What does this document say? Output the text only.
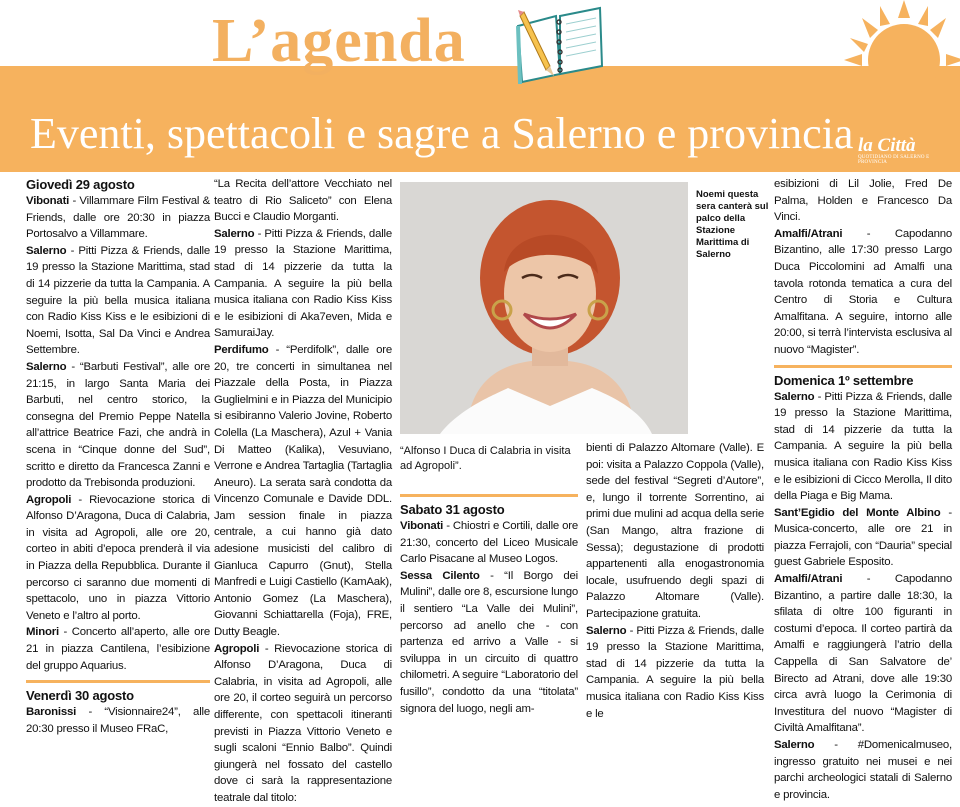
L’agenda
Eventi, spettacoli e sagre a Salerno e provincia la Città
QUOTIDIANO DI SALERNO E PROVINCIA

Giovedì 29 agosto

Vibonati - Villammare Film Festival & Friends, dalle ore 20:30 in piazza Portosalvo a Villammare.

Salerno - Pitti Pizza & Friends, dalle 19 presso la Stazione Marittima, stad di 14 pizzerie da tutta la Campania. A seguire la più bella musica italiana con Radio Kiss Kiss e le esibizioni di Noemi, Isotta, Sal Da Vinci e Andrea Settembre.

Salerno - “Barbuti Festival”, alle ore 21:15, in largo Santa Maria dei Barbuti, nel centro storico, la consegna del Premio Peppe Natella all’attrice Beatrice Fazi, che andrà in scena in “Cinque donne del Sud”, scritto e diretto da Francesca Zanni e prodotto da Trebisonda produzioni.

Agropoli - Rievocazione storica di Alfonso D’Aragona, Duca di Calabria, in visita ad Agropoli, alle ore 20, corteo in abiti d’epoca prenderà il via in Piazza della Repubblica. Durante il percorso ci saranno due momenti di spettacolo, uno in piazza Vittorio Veneto e l’altro al porto.

Minori - Concerto all’aperto, alle ore 21 in piazza Cantilena, l’esibizione del gruppo Aquarius.

Venerdì 30 agosto

Baronissi - “Visionnaire24”, alle 20:30 presso il Museo FRaC,

“La Recita dell’attore Vecchiato nel teatro di Rio Saliceto” con Elena Bucci e Claudio Morganti.

Salerno - Pitti Pizza & Friends, dalle 19 presso la Stazione Marittima, stad di 14 pizzerie da tutta la Campania. A seguire la più bella musica italiana con Radio Kiss Kiss e le esibizioni di Aka7even, Mida e SamuraiJay.

Perdifumo - “Perdifolk”, dalle ore 20, tre concerti in simultanea nel Piazzale della Posta, in Piazza Guglielmini e in Piazza del Municipio si esibiranno Valerio Jovine, Roberto Colella (La Maschera), Azul + Vania Di Matteo (Kalika), Vesuviano, Verrone e Andrea Tartaglia (Tartaglia Aneuro). La serata sarà condotta da Vincenzo Comunale e Davide DDL. Jam session finale in piazza centrale, a cui hanno già dato adesione musicisti del calibro di Gianluca Capurro (Gnut), Stella Manfredi e Luigi Castiello (KamAak), Antonio Gomez (La Maschera), Giovanni Schiattarella (Foja), FRE, Dutty Beagle.

Agropoli - Rievocazione storica di Alfonso D’Aragona, Duca di Calabria, in visita ad Agropoli, alle ore 20, il corteo seguirà un percorso differente, con spettacoli itineranti previsti in Piazza Vittorio Veneto e sugli scaloni “Ennio Balbo”. Quindi giungerà nel fossato del castello dove ci sarà la rappresentazione teatrale dal titolo:

Noemi questa sera canterà sul palco della Stazione Marittima di Salerno
“Alfonso I Duca di Calabria in visita ad Agropoli”.

Sabato 31 agosto

Vibonati - Chiostri e Cortili, dalle ore 21:30, concerto del Liceo Musicale Carlo Pisacane al Museo Logos.

Sessa Cilento - “Il Borgo dei Mulini”, dalle ore 8, escursione lungo il sentiero “La Valle dei Mulini”, percorso ad anello che - con partenza ed arrivo a Valle - si sviluppa in un circuito di quattro chilometri. A seguire “Laboratorio del fusillo”, condotto da una “titolata” signora del luogo, negli am-

bienti di Palazzo Altomare (Valle). E poi: visita a Palazzo Coppola (Valle), sede del festival “Segreti d’Autore”, e, lungo il torrente Sorrentino, ai primi due mulini ad acqua della serie (San Mango, altra frazione di Sessa); degustazione di prodotti appartenenti alla enogastronomia locale, usufruendo degli spazi di Palazzo Altomare (Valle). Partecipazione gratuita.

Salerno - Pitti Pizza & Friends, dalle 19 presso la Stazione Marittima, stad di 14 pizzerie da tutta la Campania. A seguire la più bella musica italiana con Radio Kiss Kiss e le

esibizioni di Lil Jolie, Fred De Palma, Holden e Francesco Da Vinci.

Amalfi/Atrani - Capodanno Bizantino, alle 17:30 presso Largo Duca Piccolomini ad Amalfi una tavola rotonda tematica a cura del Centro di Storia e Cultura Amalfitana. A seguire, intorno alle 20:00, si terrà l’intervista esclusiva al nuovo “Magister”.

Domenica 1º settembre

Salerno - Pitti Pizza & Friends, dalle 19 presso la Stazione Marittima, stad di 14 pizzerie da tutta la Campania. A seguire la più bella musica italiana con Radio Kiss Kiss e le esibizioni di Cicco Merolla, Il dito della Piaga e Big Mama.

Sant’Egidio del Monte Albino - Musica-concerto, alle ore 21 in piazza Ferrajoli, con “Dauria” special guest Gabriele Esposito.

Amalfi/Atrani - Capodanno Bizantino, a partire dalle 18:30, la sfilata di oltre 100 figuranti in costumi d’epoca. Il corteo partirà da Amalfi e raggiungerà l’atrio della Cappella di San Salvatore de’ Birecto ad Atrani, dove alle 19:30 circa avrà luogo la Cerimonia di Investitura del nuovo “Magister di Civiltà Amalfitana”.

Salerno - #Domenicalmuseo, ingresso gratuito nei musei e nei parchi archeologici statali di Salerno e provincia.
